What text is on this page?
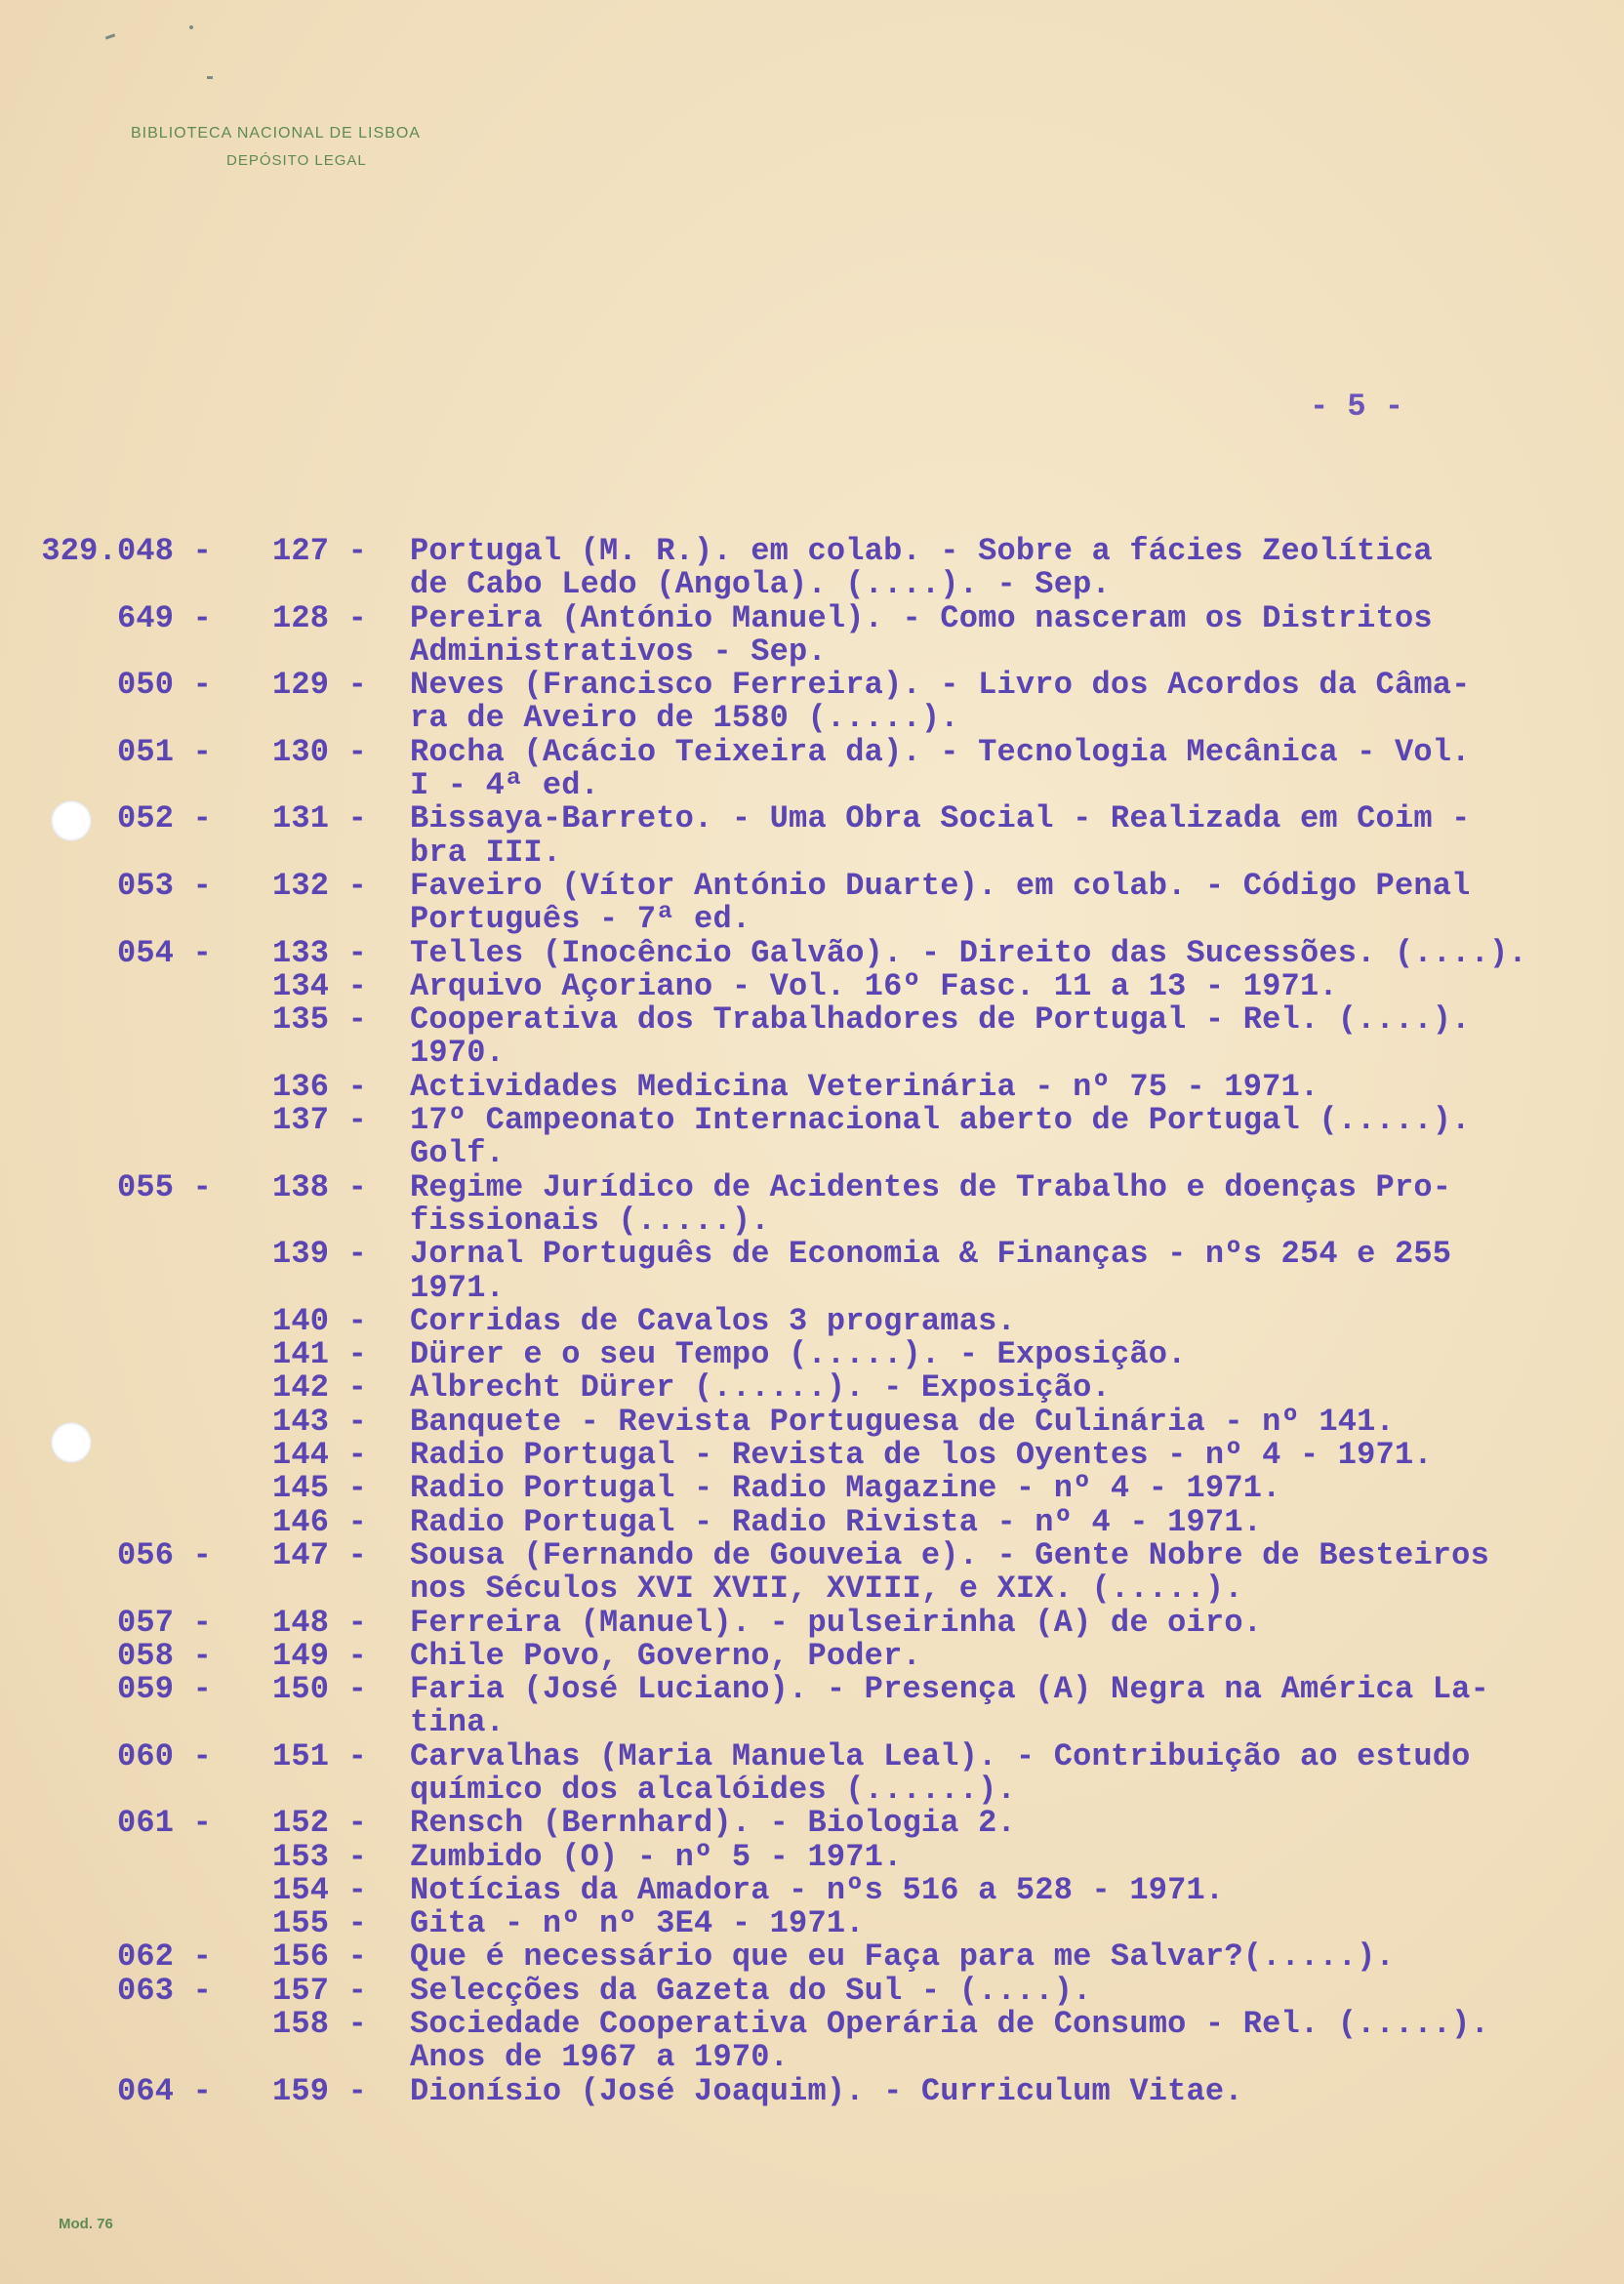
BIBLIOTECA NACIONAL DE LISBOA
DEPÓSITO LEGAL
- 5 -
329.048 - 127 - Portugal (M. R.). em colab. - Sobre a fácies Zeolítica
de Cabo Ledo (Angola). (....). - Sep.
649 - 128 - Pereira (António Manuel). - Como nasceram os Distritos
Administrativos - Sep.
050 - 129 - Neves (Francisco Ferreira). - Livro dos Acordos da Câma-
ra de Aveiro de 1580 (.....).
051 - 130 - Rocha (Acácio Teixeira da). - Tecnologia Mecânica - Vol.
I - 4ª ed.
052 - 131 - Bissaya-Barreto. - Uma Obra Social - Realizada em Coim -
bra III.
053 - 132 - Faveiro (Vítor António Duarte). em colab. - Código Penal
Português - 7ª ed.
054 - 133 - Telles (Inocêncio Galvão). - Direito das Sucessões. (....).
134 - Arquivo Açoriano - Vol. 16º Fasc. 11 a 13 - 1971.
135 - Cooperativa dos Trabalhadores de Portugal - Rel. (....).
1970.
136 - Actividades Medicina Veterinária - nº 75 - 1971.
137 - 17º Campeonato Internacional aberto de Portugal (.....).
Golf.
055 - 138 - Regime Jurídico de Acidentes de Trabalho e doenças Pro-
fissionais (.....).
139 - Jornal Português de Economia & Finanças - nºs 254 e 255
1971.
140 - Corridas de Cavalos 3 programas.
141 - Dürer e o seu Tempo (.....). - Exposição.
142 - Albrecht Dürer (......). - Exposição.
143 - Banquete - Revista Portuguesa de Culinária - nº 141.
144 - Radio Portugal - Revista de los Oyentes - nº 4 - 1971.
145 - Radio Portugal - Radio Magazine - nº 4 - 1971.
146 - Radio Portugal - Radio Rivista - nº 4 - 1971.
056 - 147 - Sousa (Fernando de Gouveia e). - Gente Nobre de Besteiros
nos Séculos XVI XVII, XVIII, e XIX. (.....).
057 - 148 - Ferreira (Manuel). - pulseirinha (A) de oiro.
058 - 149 - Chile Povo, Governo, Poder.
059 - 150 - Faria (José Luciano). - Presença (A) Negra na América La-
tina.
060 - 151 - Carvalhas (Maria Manuela Leal). - Contribuição ao estudo
químico dos alcalóides (......).
061 - 152 - Rensch (Bernhard). - Biologia 2.
153 - Zumbido (O) - nº 5 - 1971.
154 - Notícias da Amadora - nºs 516 a 528 - 1971.
155 - Gita - nº nº 3E4 - 1971.
062 - 156 - Que é necessário que eu Faça para me Salvar?(.....).
063 - 157 - Selecções da Gazeta do Sul - (....).
158 - Sociedade Cooperativa Operária de Consumo - Rel. (.....).
Anos de 1967 a 1970.
064 - 159 - Dionísio (José Joaquim). - Curriculum Vitae.
Mod. 76
